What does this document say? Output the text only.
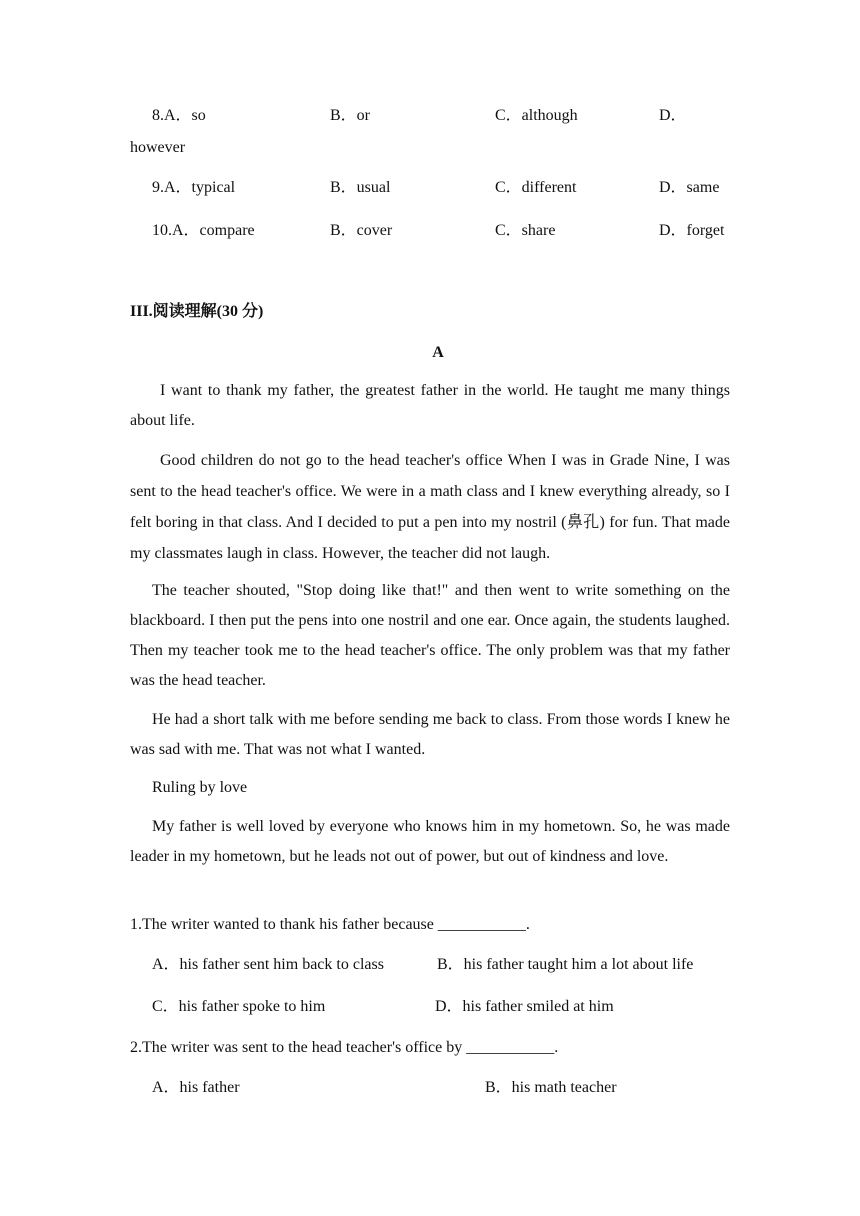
8.A．so	B．or	C．although	D．
however
9.A．typical	B．usual	C．different	D．same
10.A．compare	B．cover	C．share	D．forget
III.阅读理解(30 分)
A
I want to thank my father, the greatest father in the world. He taught me many things about life.
Good children do not go to the head teacher's office When I was in Grade Nine, I was sent to the head teacher's office. We were in a math class and I knew everything already, so I felt boring in that class. And I decided to put a pen into my nostril (鼻孔) for fun. That made my classmates laugh in class. However, the teacher did not laugh.
The teacher shouted, "Stop doing like that!" and then went to write something on the blackboard. I then put the pens into one nostril and one ear. Once again, the students laughed. Then my teacher took me to the head teacher's office. The only problem was that my father was the head teacher.
He had a short talk with me before sending me back to class. From those words I knew he was sad with me. That was not what I wanted.
Ruling by love
My father is well loved by everyone who knows him in my hometown. So, he was made leader in my hometown, but he leads not out of power, but out of kindness and love.
1.The writer wanted to thank his father because ___________.
A．his father sent him back to class	B．his father taught him a lot about life
C．his father spoke to him	D．his father smiled at him
2.The writer was sent to the head teacher's office by ___________.
A．his father	B．his math teacher
